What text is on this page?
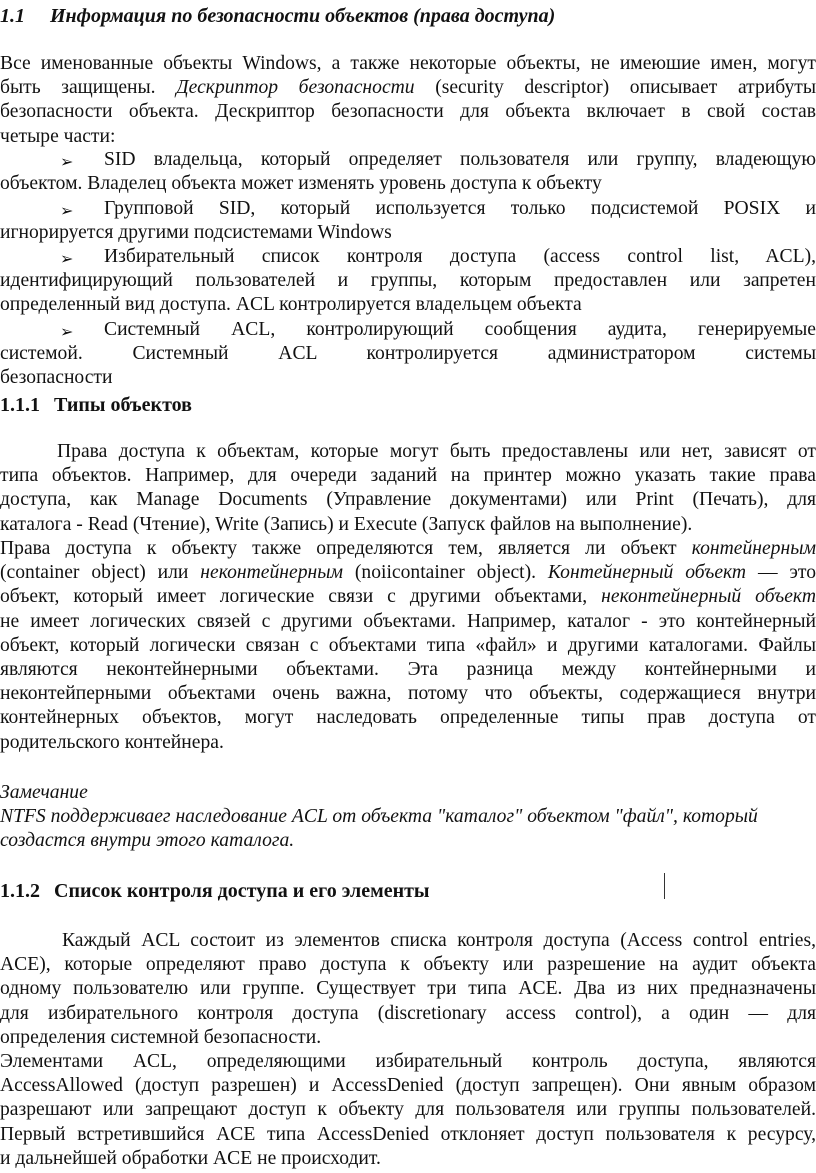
1.1 Информация по безопасности объектов (права доступа)
Все именованные объекты Windows, а также некоторые объекты, не имеюшие имен, могут
быть защищены. Дескриптор безопасности (security descriptor) описывает атрибуты
безопасности объекта. Дескриптор безопасности для объекта включает в свой состав
четыре части:
➢	SID владельца, который определяет пользователя или группу, владеющую
объектом. Владелец объекта может изменять уровень доступа к объекту
➢	Групповой SID, который используется только подсистемой POSIX и
игнорируется другими подсистемами Windows
➢	Избирательный список контроля доступа (access control list, ACL),
идентифицирующий пользователей и группы, которым предоставлен или запретен
определенный вид доступа. ACL контролируется владельцем объекта
➢	Системный ACL, контролирующий сообщения аудита, генерируемые
системой. Системный ACL контролируется администратором системы
безопасности
1.1.1 Типы объектов
Права доступа к объектам, которые могут быть предоставлены или нет, зависят от
типа объектов. Например, для очереди заданий на принтер можно указать такие права
доступа, как Manage Documents (Управление документами) или Print (Печать), для
каталога - Read (Чтение), Write (Запись) и Execute (Запуск файлов на выполнение).
Права доступа к объекту также определяются тем, является ли объект контейнерным
(container object) или неконтейнерным (noiicontainer object). Контейнерный объект — это
объект, который имеет логические связи с другими объектами, неконтейнерный объект
не имеет логических связей с другими объектами. Например, каталог - это контейнерный
объект, который логически связан с объектами типа «файл» и другими каталогами. Файлы
являются неконтейнерными объектами. Эта разница между контейнерными и
неконтейперными объектами очень важна, потому что объекты, содержащиеся внутри
контейнерных объектов, могут наследовать определенные типы прав доступа от
родительского контейнера.
Замечание
NTFS поддерживаег наследование ACL от объекта "каталог" объектом "файл", который
создастся внутри этого каталога.
1.1.2 Список контроля доступа и его элементы
Каждый ACL состоит из элементов списка контроля доступа (Access control entries,
ACE), которые определяют право доступа к объекту или разрешение на аудит объекта
одному пользователю или группе. Существует три типа ACE. Два из них предназначены
для избирательного контроля доступа (discretionary access control), а один — для
определения системной безопасности.
Элементами ACL, определяющими избирательный контроль доступа, являются
AccessAllowed (доступ разрешен) и AccessDenied (доступ запрещен). Они явным образом
разрешают или запрещают доступ к объекту для пользователя или группы пользователей.
Первый встретившийся ACE типа AccessDenied отклоняет доступ пользователя к ресурсу,
и дальнейшей обработки ACE не происходит.
